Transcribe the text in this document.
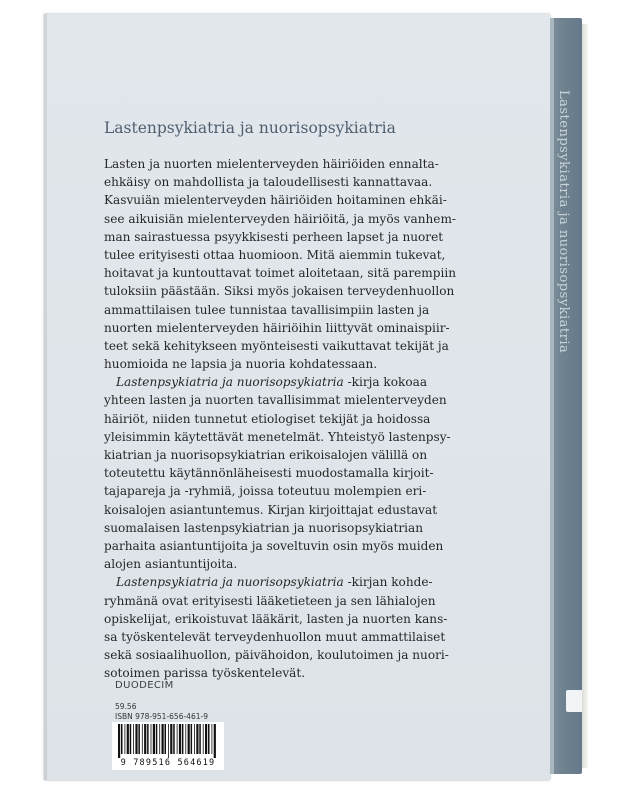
Lastenpsykiatria ja nuorisopsykiatria
Lastenpsykiatria ja nuorisopsykiatria
Lasten ja nuorten mielenterveyden häiriöiden ennalta-
ehkäisy on mahdollista ja taloudellisesti kannattavaa.
Kasvuiän mielenterveyden häiriöiden hoitaminen ehkäi-
see aikuisiän mielenterveyden häiriöitä, ja myös vanhem-
man sairastuessa psyykkisesti perheen lapset ja nuoret
tulee erityisesti ottaa huomioon. Mitä aiemmin tukevat,
hoitavat ja kuntouttavat toimet aloitetaan, sitä parempiin
tuloksiin päästään. Siksi myös jokaisen terveydenhuollon
ammattilaisen tulee tunnistaa tavallisimpiin lasten ja
nuorten mielenterveyden häiriöihin liittyvät ominaispiir-
teet sekä kehitykseen myönteisesti vaikuttavat tekijät ja
huomioida ne lapsia ja nuoria kohdatessaan.
Lastenpsykiatria ja nuorisopsykiatria -kirja kokoaa
yhteen lasten ja nuorten tavallisimmat mielenterveyden
häiriöt, niiden tunnetut etiologiset tekijät ja hoidossa
yleisimmin käytettävät menetelmät. Yhteistyö lastenpsy-
kiatrian ja nuorisopsykiatrian erikoisalojen välillä on
toteutettu käytännönläheisesti muodostamalla kirjoit-
tajapareja ja -ryhmiä, joissa toteutuu molempien eri-
koisalojen asiantuntemus. Kirjan kirjoittajat edustavat
suomalaisen lastenpsykiatrian ja nuorisopsykiatrian
parhaita asiantuntijoita ja soveltuvin osin myös muiden
alojen asiantuntijoita.
Lastenpsykiatria ja nuorisopsykiatria -kirjan kohde-
ryhmänä ovat erityisesti lääketieteen ja sen lähialojen
opiskelijat, erikoistuvat lääkärit, lasten ja nuorten kans-
sa työskentelevät terveydenhuollon muut ammattilaiset
sekä sosiaalihuollon, päivähoidon, koulutoimen ja nuori-
sotoimen parissa työskentelevät.
DUODECIM
59.56
ISBN 978-951-656-461-9
9 789516 564619
